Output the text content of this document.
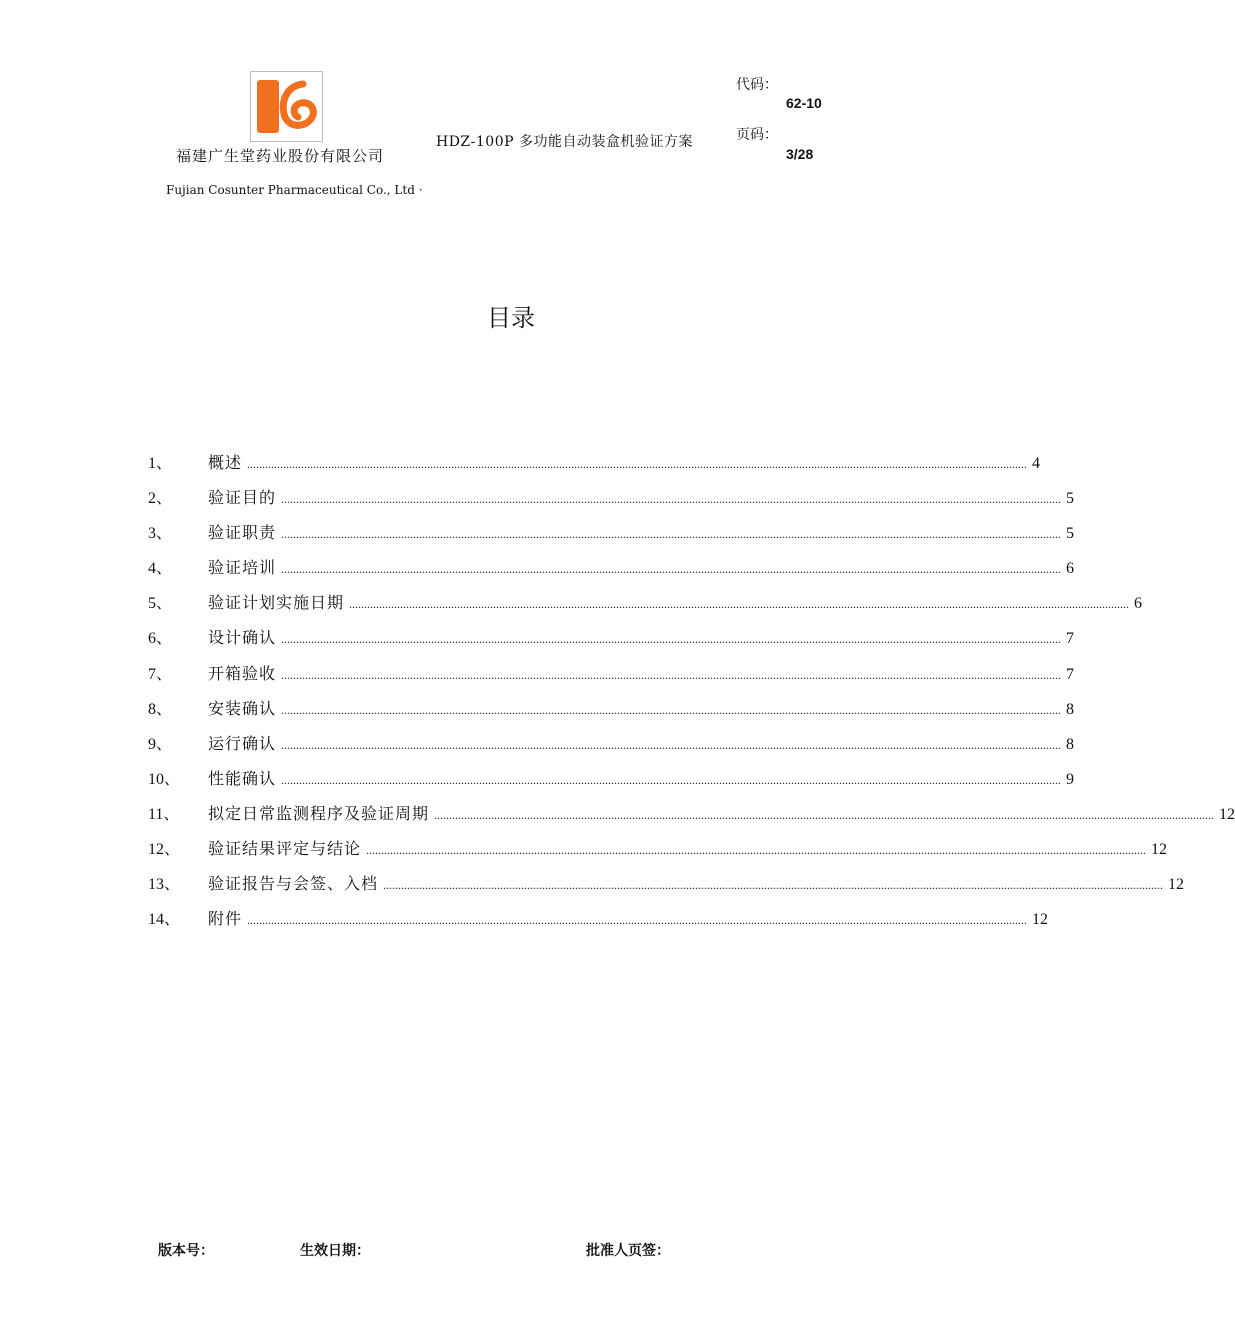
福建广生堂药业股份有限公司
Fujian Cosunter Pharmaceutical Co., Ltd ·
HDZ-100P 多功能自动装盒机验证方案
代码：
62-10
页码：
3/28
目录
1、	概述 .................................................................................................................................................................................................................................................................... 4
2、	验证目的 .................................................................................................................................................................................................................................................................... 5
3、	验证职责 .................................................................................................................................................................................................................................................................... 5
4、	验证培训 .................................................................................................................................................................................................................................................................... 6
5、	验证计划实施日期 .................................................................................................................................................................................................................................................................... 6
6、	设计确认 .................................................................................................................................................................................................................................................................... 7
7、	开箱验收 .................................................................................................................................................................................................................................................................... 7
8、	安装确认 .................................................................................................................................................................................................................................................................... 8
9、	运行确认 .................................................................................................................................................................................................................................................................... 8
10、	性能确认 .................................................................................................................................................................................................................................................................... 9
11、	拟定日常监测程序及验证周期 .................................................................................................................................................................................................................................................................... 12
12、	验证结果评定与结论 .................................................................................................................................................................................................................................................................... 12
13、	验证报告与会签、入档 .................................................................................................................................................................................................................................................................... 12
14、	附件 .................................................................................................................................................................................................................................................................... 12
版本号：	生效日期：	批准人页签：
